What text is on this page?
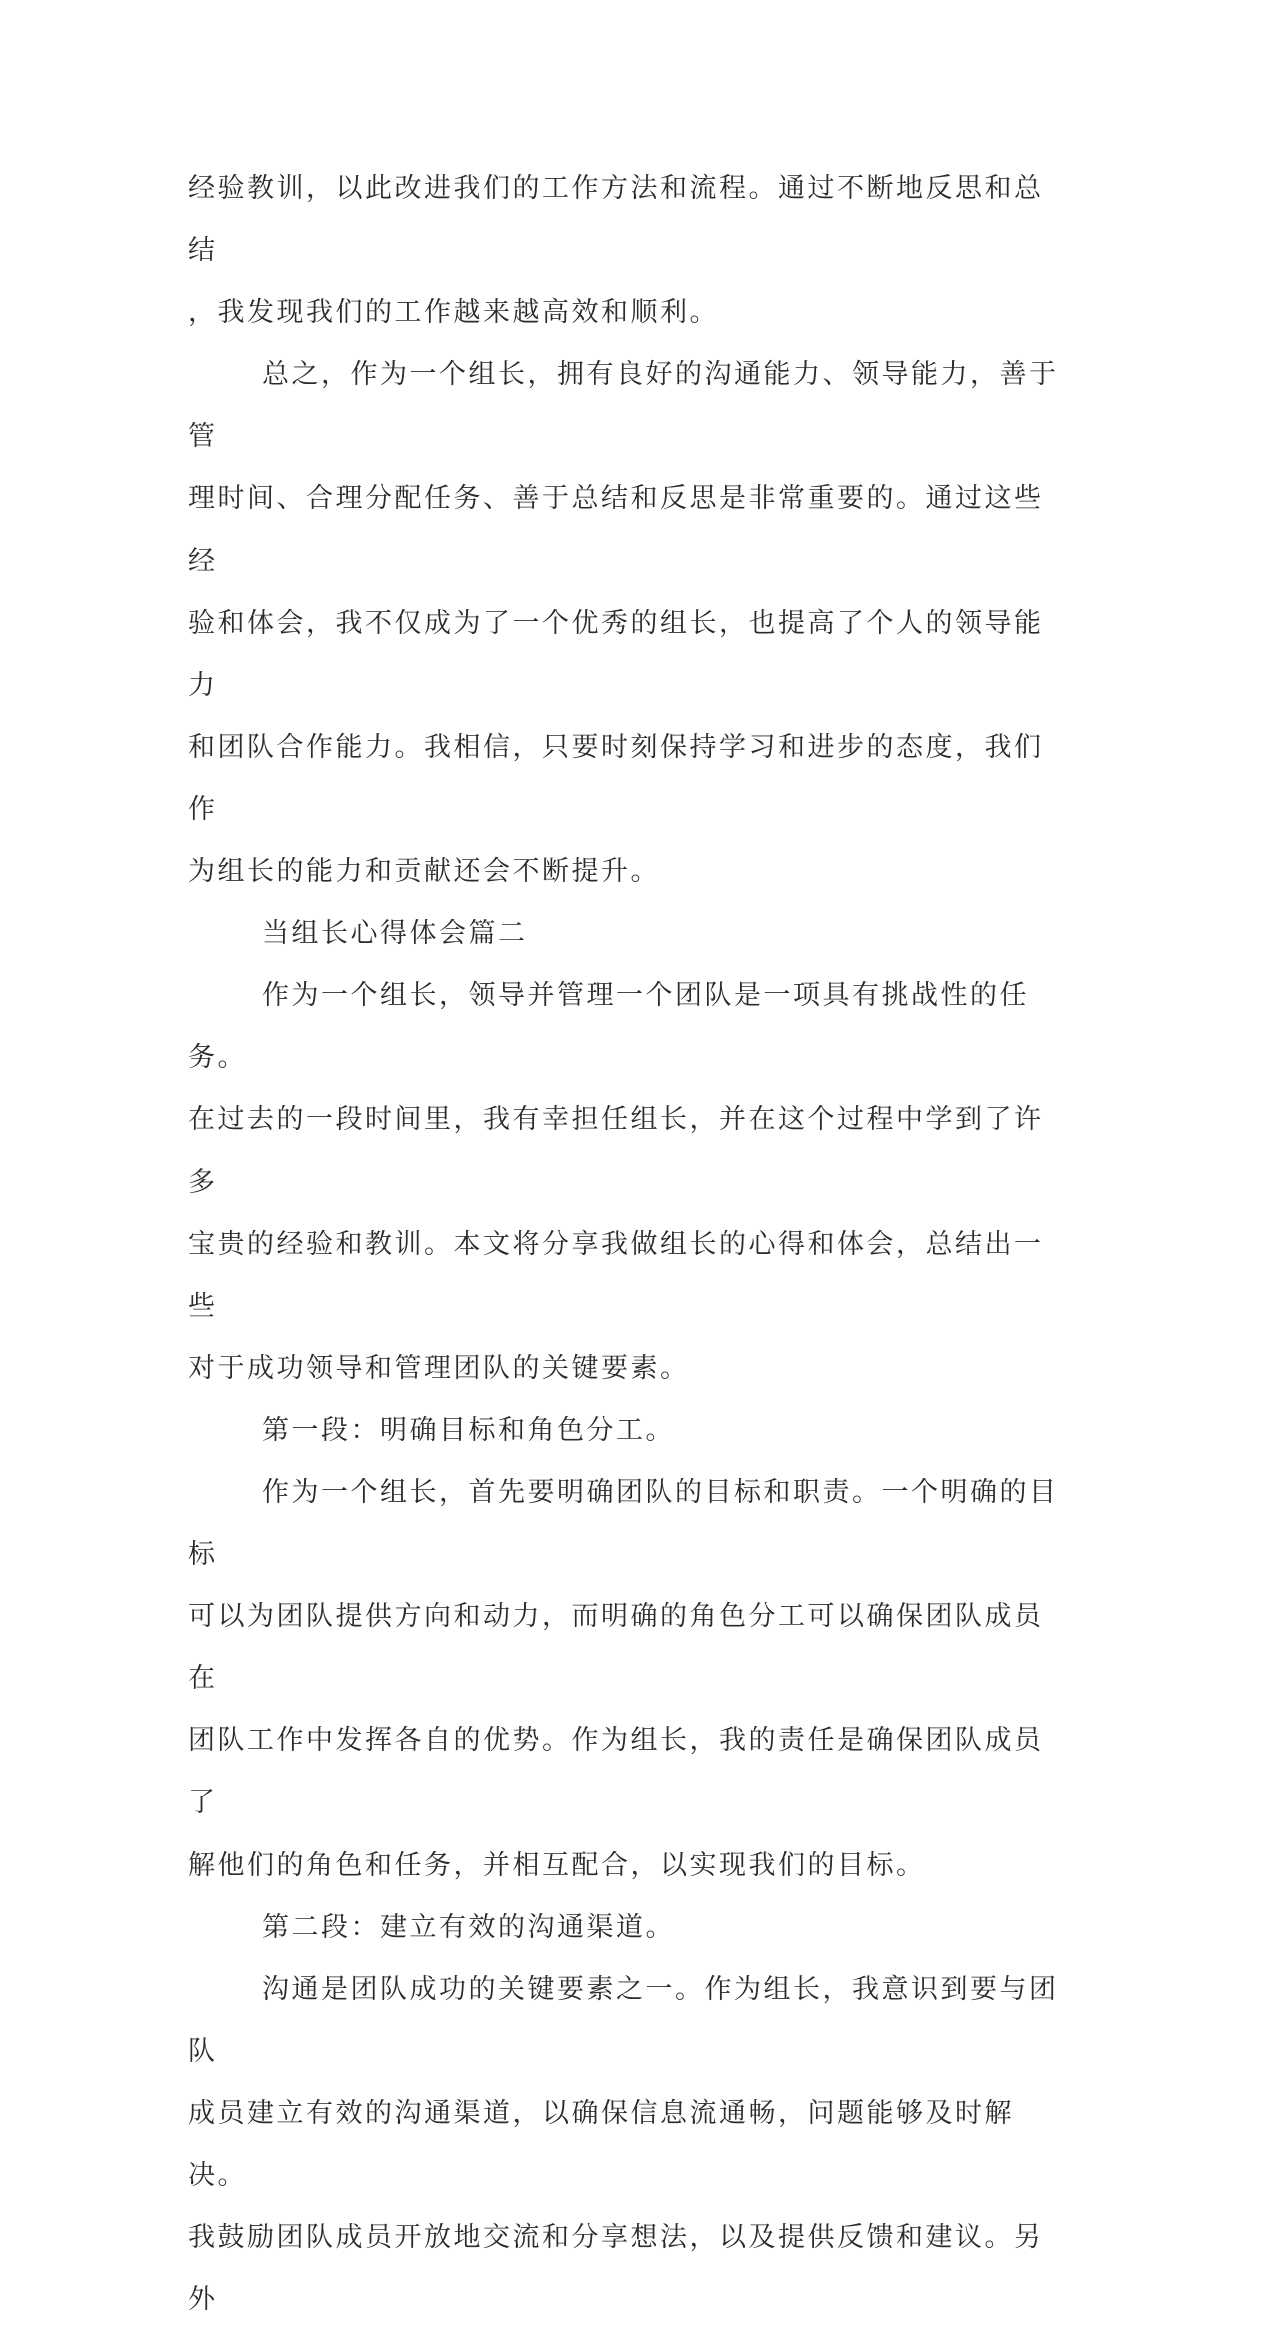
经验教训，以此改进我们的工作方法和流程。通过不断地反思和总结
，我发现我们的工作越来越高效和顺利。

总之，作为一个组长，拥有良好的沟通能力、领导能力，善于管
理时间、合理分配任务、善于总结和反思是非常重要的。通过这些经
验和体会，我不仅成为了一个优秀的组长，也提高了个人的领导能力
和团队合作能力。我相信，只要时刻保持学习和进步的态度，我们作
为组长的能力和贡献还会不断提升。

当组长心得体会篇二

作为一个组长，领导并管理一个团队是一项具有挑战性的任务。
在过去的一段时间里，我有幸担任组长，并在这个过程中学到了许多
宝贵的经验和教训。本文将分享我做组长的心得和体会，总结出一些
对于成功领导和管理团队的关键要素。

第一段：明确目标和角色分工。

作为一个组长，首先要明确团队的目标和职责。一个明确的目标
可以为团队提供方向和动力，而明确的角色分工可以确保团队成员在
团队工作中发挥各自的优势。作为组长，我的责任是确保团队成员了
解他们的角色和任务，并相互配合，以实现我们的目标。

第二段：建立有效的沟通渠道。

沟通是团队成功的关键要素之一。作为组长，我意识到要与团队
成员建立有效的沟通渠道，以确保信息流通畅，问题能够及时解决。
我鼓励团队成员开放地交流和分享想法，以及提供反馈和建议。另外
